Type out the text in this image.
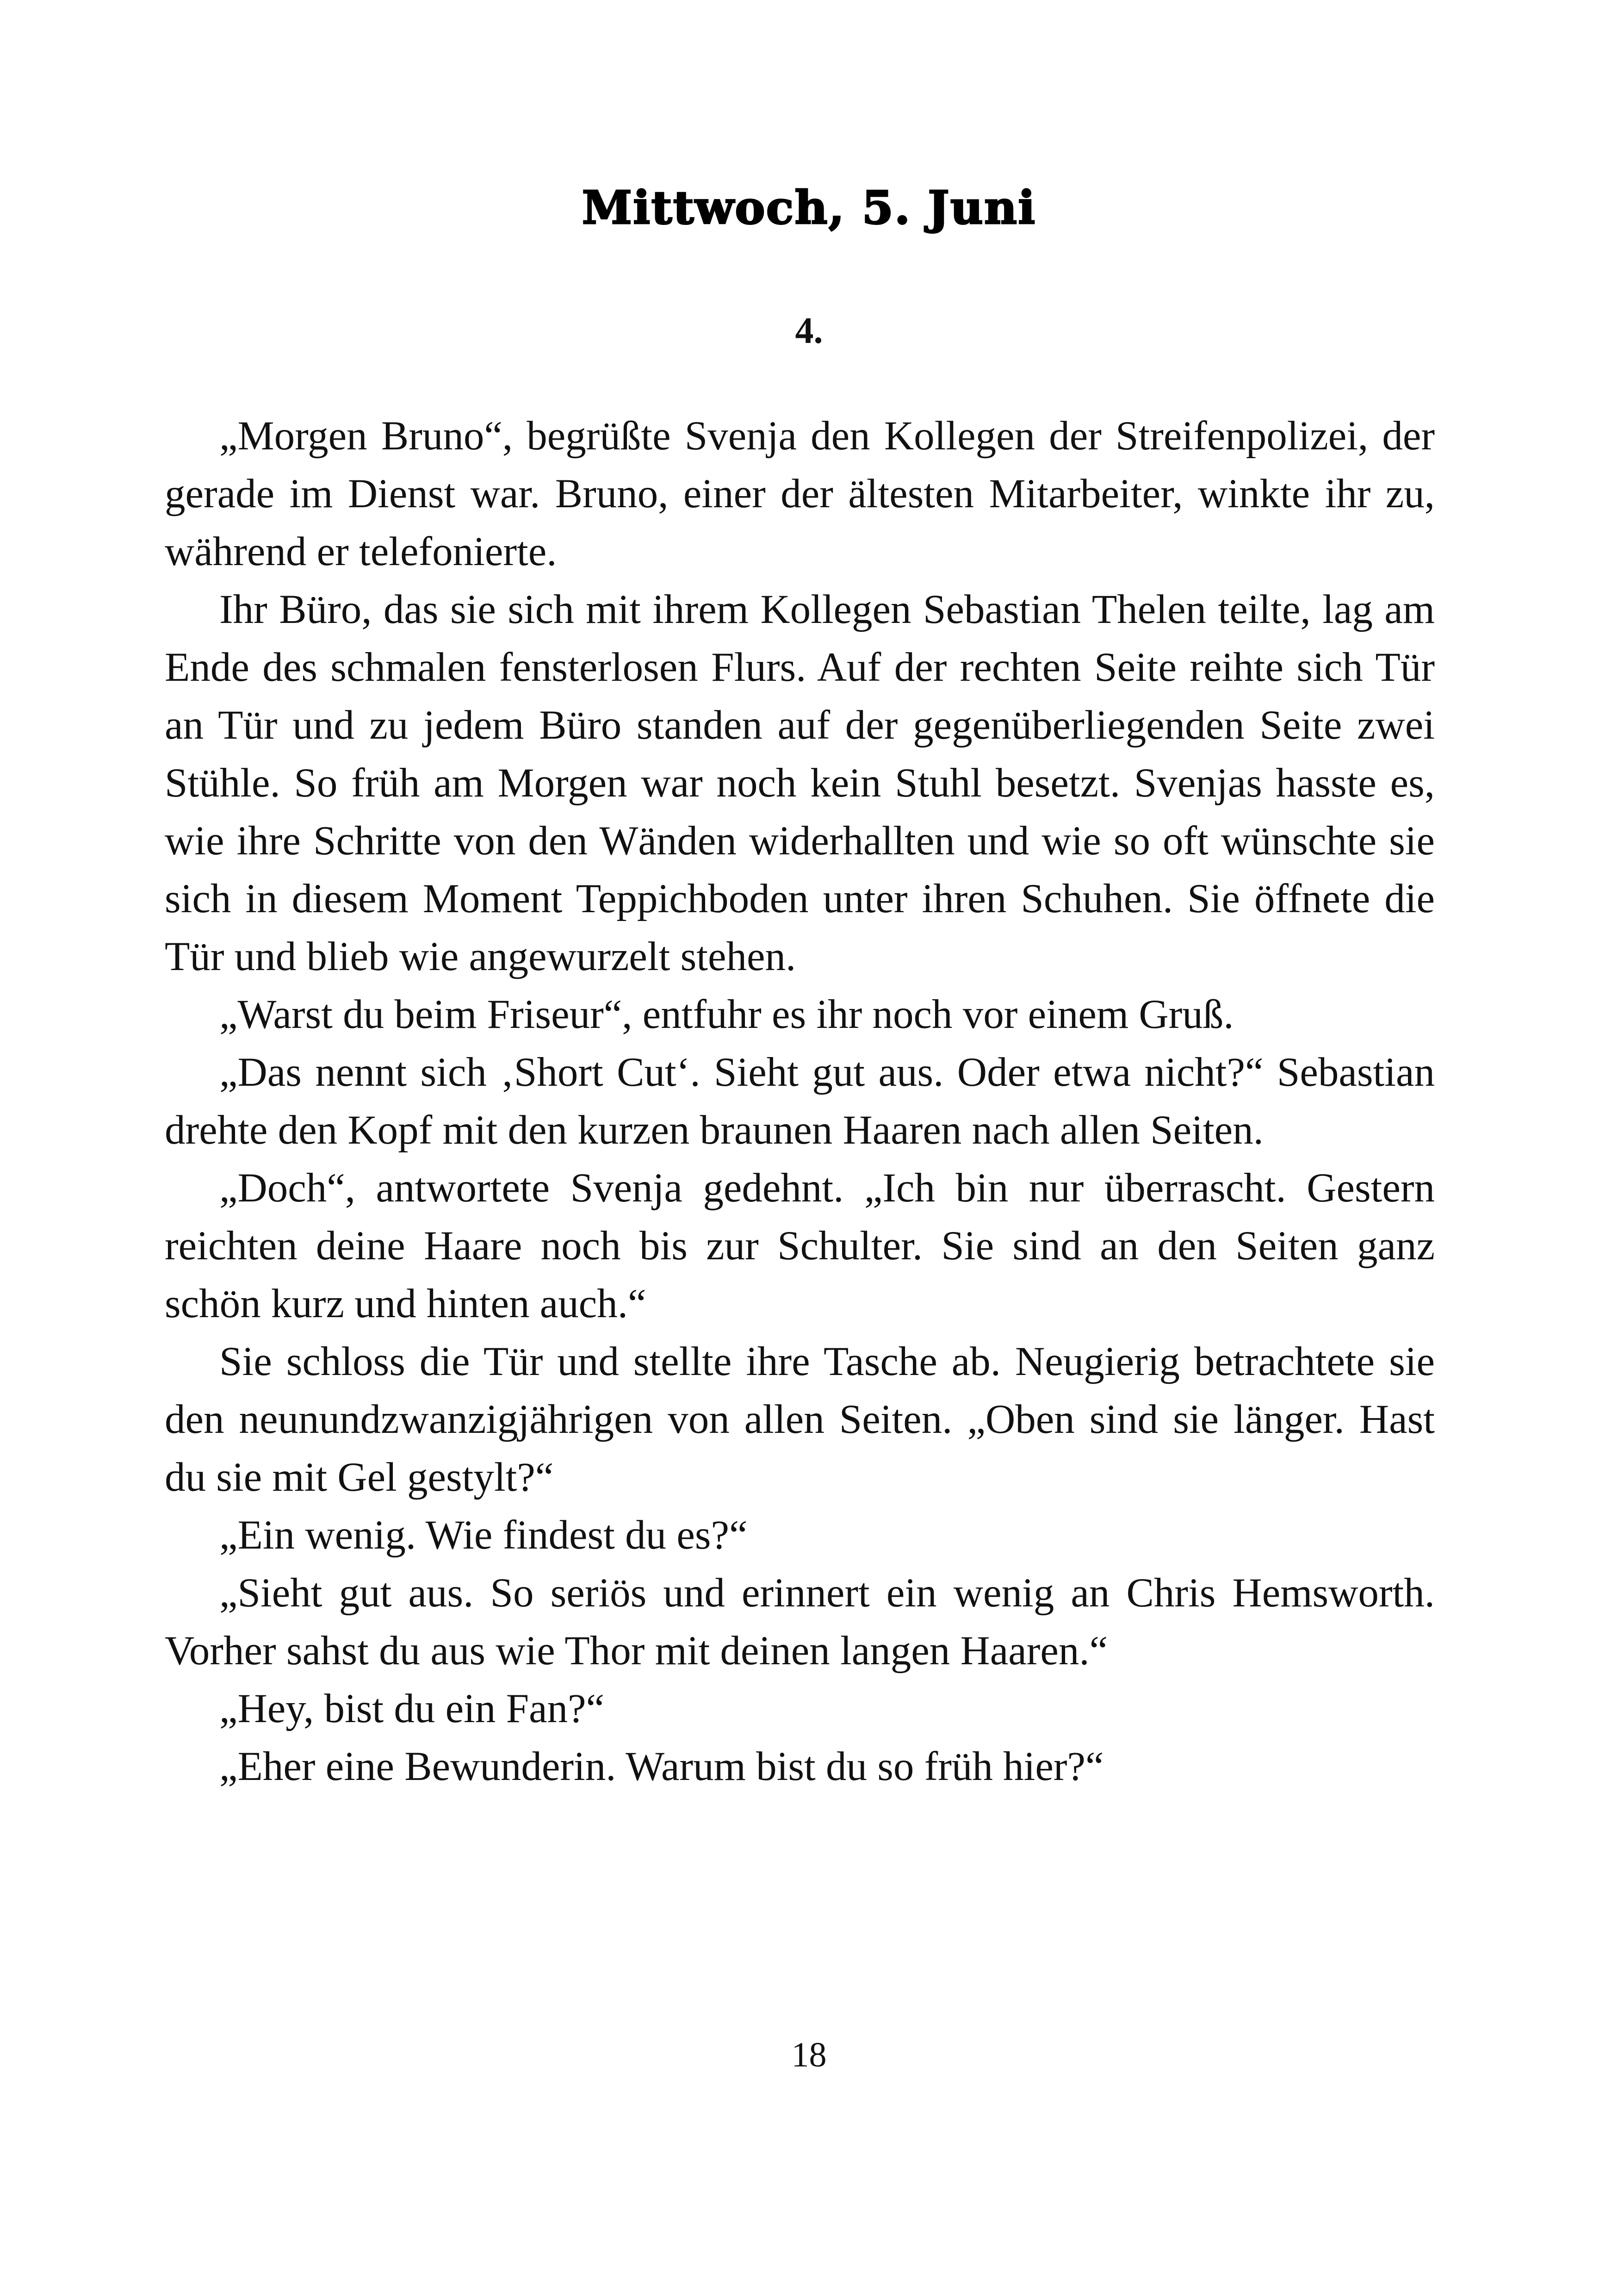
Mittwoch, 5. Juni
4.

„Morgen Bruno“, begrüßte Svenja den Kollegen der Streifenpolizei, der gerade im Dienst war. Bruno, einer der ältesten Mitarbeiter, winkte ihr zu, während er telefonierte.

Ihr Büro, das sie sich mit ihrem Kollegen Sebastian Thelen teilte, lag am Ende des schmalen fensterlosen Flurs. Auf der rechten Seite reihte sich Tür an Tür und zu jedem Büro standen auf der gegenüberliegenden Seite zwei Stühle. So früh am Morgen war noch kein Stuhl besetzt. Svenjas hasste es, wie ihre Schritte von den Wänden widerhallten und wie so oft wünschte sie sich in diesem Moment Teppichboden unter ihren Schuhen. Sie öffnete die Tür und blieb wie angewurzelt stehen.

„Warst du beim Friseur“, entfuhr es ihr noch vor einem Gruß.

„Das nennt sich ‚Short Cut‘. Sieht gut aus. Oder etwa nicht?“ Sebastian drehte den Kopf mit den kurzen braunen Haaren nach allen Seiten.

„Doch“, antwortete Svenja gedehnt. „Ich bin nur überrascht. Gestern reichten deine Haare noch bis zur Schulter. Sie sind an den Seiten ganz schön kurz und hinten auch.“

Sie schloss die Tür und stellte ihre Tasche ab. Neugierig betrachtete sie den neunundzwanzigjährigen von allen Seiten. „Oben sind sie länger. Hast du sie mit Gel gestylt?“

„Ein wenig. Wie findest du es?“

„Sieht gut aus. So seriös und erinnert ein wenig an Chris Hemsworth. Vorher sahst du aus wie Thor mit deinen langen Haaren.“

„Hey, bist du ein Fan?“

„Eher eine Bewunderin. Warum bist du so früh hier?“

18
